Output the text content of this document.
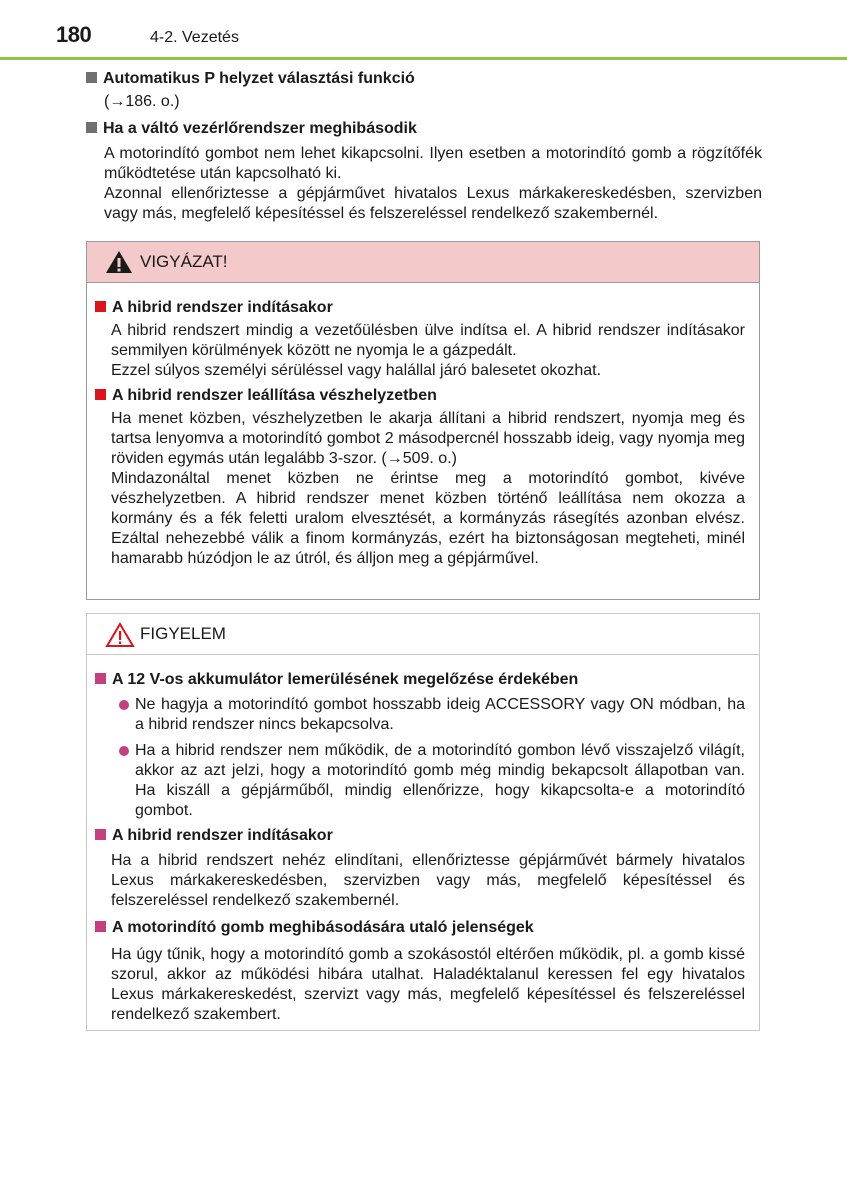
180	4-2. Vezetés
Automatikus P helyzet választási funkció
(→186. o.)
Ha a váltó vezérlőrendszer meghibásodik
A motorindító gombot nem lehet kikapcsolni. Ilyen esetben a motorindító gomb a rögzítőfék működtetése után kapcsolható ki.
Azonnal ellenőriztesse a gépjárművet hivatalos Lexus márkakereskedésben, szervizben vagy más, megfelelő képesítéssel és felszereléssel rendelkező szakembernél.
VIGYÁZAT!
A hibrid rendszer indításakor
A hibrid rendszert mindig a vezetőülésben ülve indítsa el. A hibrid rendszer indításakor semmilyen körülmények között ne nyomja le a gázpedált.
Ezzel súlyos személyi sérüléssel vagy halállal járó balesetet okozhat.
A hibrid rendszer leállítása vészhelyzetben
Ha menet közben, vészhelyzetben le akarja állítani a hibrid rendszert, nyomja meg és tartsa lenyomva a motorindító gombot 2 másodpercnél hosszabb ideig, vagy nyomja meg röviden egymás után legalább 3-szor. (→509. o.)
Mindazonáltal menet közben ne érintse meg a motorindító gombot, kivéve vészhelyzetben. A hibrid rendszer menet közben történő leállítása nem okozza a kormány és a fék feletti uralom elvesztését, a kormányzás rásegítés azonban elvész. Ezáltal nehezebbé válik a finom kormányzás, ezért ha biztonságosan megteheti, minél hamarabb húzódjon le az útról, és álljon meg a gépjárművel.
FIGYELEM
A 12 V-os akkumulátor lemerülésének megelőzése érdekében
Ne hagyja a motorindító gombot hosszabb ideig ACCESSORY vagy ON módban, ha a hibrid rendszer nincs bekapcsolva.
Ha a hibrid rendszer nem működik, de a motorindító gombon lévő visszajelző világít, akkor az azt jelzi, hogy a motorindító gomb még mindig bekapcsolt állapotban van. Ha kiszáll a gépjárműből, mindig ellenőrizze, hogy kikapcsolta-e a motorindító gombot.
A hibrid rendszer indításakor
Ha a hibrid rendszert nehéz elindítani, ellenőriztesse gépjárművét bármely hivatalos Lexus márkakereskedésben, szervizben vagy más, megfelelő képesítéssel és felszereléssel rendelkező szakembernél.
A motorindító gomb meghibásodására utaló jelenségek
Ha úgy tűnik, hogy a motorindító gomb a szokásostól eltérően működik, pl. a gomb kissé szorul, akkor az működési hibára utalhat. Haladéktalanul keressen fel egy hivatalos Lexus márkakereskedést, szervizt vagy más, megfelelő képesítéssel és felszereléssel rendelkező szakembert.
